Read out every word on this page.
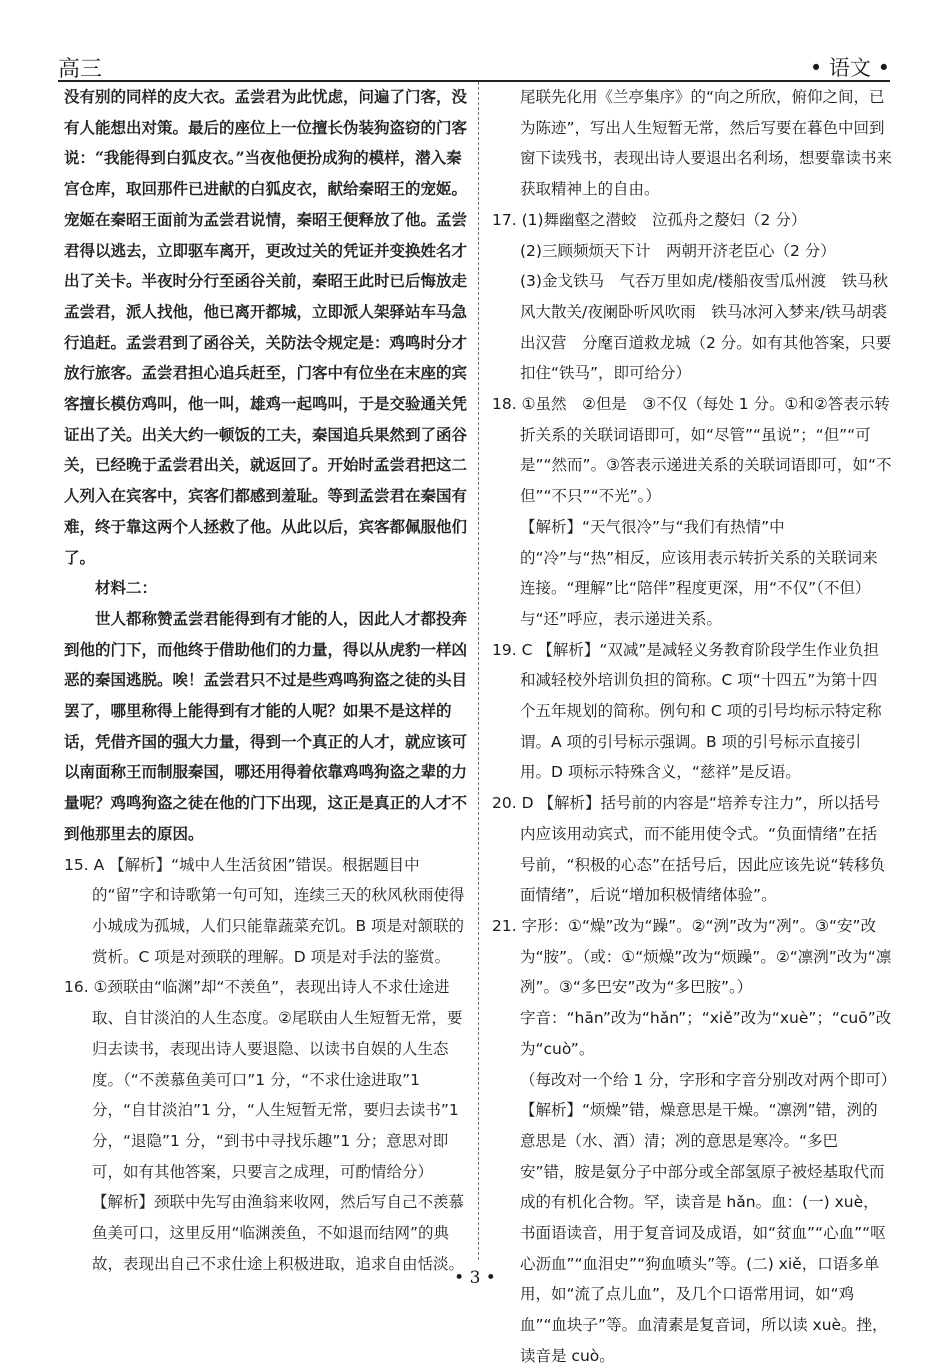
高三	• 语文 •

没有别的同样的皮大衣。孟尝君为此忧虑，问遍了门客，没有人能想出对策。最后的座位上一位擅长伪装狗盗窃的门客说：“我能得到白狐皮衣。”当夜他便扮成狗的模样，潜入秦宫仓库，取回那件已进献的白狐皮衣，献给秦昭王的宠姬。宠姬在秦昭王面前为孟尝君说情，秦昭王便释放了他。孟尝君得以逃去，立即驱车离开，更改过关的凭证并变换姓名才出了关卡。半夜时分行至函谷关前，秦昭王此时已后悔放走孟尝君，派人找他，他已离开都城，立即派人架驿站车马急行追赶。孟尝君到了函谷关，关防法令规定是：鸡鸣时分才放行旅客。孟尝君担心追兵赶至，门客中有位坐在末座的宾客擅长模仿鸡叫，他一叫，雄鸡一起鸣叫，于是交验通关凭证出了关。出关大约一顿饭的工夫，秦国追兵果然到了函谷关，已经晚于孟尝君出关，就返回了。开始时孟尝君把这二人列入在宾客中，宾客们都感到羞耻。等到孟尝君在秦国有难，终于靠这两个人拯救了他。从此以后，宾客都佩服他们了。

材料二：

世人都称赞孟尝君能得到有才能的人，因此人才都投奔到他的门下，而他终于借助他们的力量，得以从虎豹一样凶恶的秦国逃脱。唉！孟尝君只不过是些鸡鸣狗盗之徒的头目罢了，哪里称得上能得到有才能的人呢？如果不是这样的话，凭借齐国的强大力量，得到一个真正的人才，就应该可以南面称王而制服秦国，哪还用得着依靠鸡鸣狗盗之辈的力量呢？鸡鸣狗盗之徒在他的门下出现，这正是真正的人才不到他那里去的原因。

15. A 【解析】“城中人生活贫困”错误。根据题目中的“留”字和诗歌第一句可知，连续三天的秋风秋雨使得小城成为孤城，人们只能靠蔬菜充饥。B 项是对颔联的赏析。C 项是对颈联的理解。D 项是对手法的鉴赏。

16. ①颈联由“临渊”却“不羡鱼”，表现出诗人不求仕途进取、自甘淡泊的人生态度。②尾联由人生短暂无常，要归去读书，表现出诗人要退隐、以读书自娱的人生态度。（“不羡慕鱼美可口”1 分，“不求仕途进取”1 分，“自甘淡泊”1 分，“人生短暂无常，要归去读书”1 分，“退隐”1 分，“到书中寻找乐趣”1 分；意思对即可，如有其他答案，只要言之成理，可酌情给分）

【解析】颈联中先写由渔翁来收网，然后写自己不羡慕鱼美可口，这里反用“临渊羡鱼，不如退而结网”的典故，表现出自己不求仕途上积极进取，追求自由恬淡。

尾联先化用《兰亭集序》的“向之所欣，俯仰之间，已为陈迹”，写出人生短暂无常，然后写要在暮色中回到窗下读残书，表现出诗人要退出名利场，想要靠读书来获取精神上的自由。

17. (1)舞幽壑之潜蛟　泣孤舟之嫠妇（2 分）

(2)三顾频烦天下计　两朝开济老臣心（2 分）

(3)金戈铁马　气吞万里如虎/楼船夜雪瓜州渡　铁马秋风大散关/夜阑卧听风吹雨　铁马冰河入梦来/铁马胡裘出汉营　分麾百道救龙城（2 分。如有其他答案，只要扣住“铁马”，即可给分）

18. ①虽然　②但是　③不仅（每处 1 分。①和②答表示转折关系的关联词语即可，如“尽管”“虽说”；“但”“可是”“然而”。③答表示递进关系的关联词语即可，如“不但”“不只”“不光”。）

【解析】“天气很冷”与“我们有热情”中的“冷”与“热”相反，应该用表示转折关系的关联词来连接。“理解”比“陪伴”程度更深，用“不仅”（不但）与“还”呼应，表示递进关系。

19. C 【解析】“双减”是减轻义务教育阶段学生作业负担和减轻校外培训负担的简称。C 项“十四五”为第十四个五年规划的简称。例句和 C 项的引号均标示特定称谓。A 项的引号标示强调。B 项的引号标示直接引用。D 项标示特殊含义，“慈祥”是反语。

20. D 【解析】括号前的内容是“培养专注力”，所以括号内应该用动宾式，而不能用使令式。“负面情绪”在括号前，“积极的心态”在括号后，因此应该先说“转移负面情绪”，后说“增加积极情绪体验”。

21. 字形：①“燥”改为“躁”。②“洌”改为“冽”。③“安”改为“胺”。（或：①“烦燥”改为“烦躁”。②“凛洌”改为“凛冽”。③“多巴安”改为“多巴胺”。）

字音：“hān”改为“hǎn”；“xiě”改为“xuè”；“cuō”改为“cuò”。

（每改对一个给 1 分，字形和字音分别改对两个即可）

【解析】“烦燥”错，燥意思是干燥。“凛洌”错，洌的意思是（水、酒）清；冽的意思是寒冷。“多巴安”错，胺是氨分子中部分或全部氢原子被烃基取代而成的有机化合物。罕，读音是 hǎn。血：(一) xuè，书面语读音，用于复音词及成语，如“贫血”“心血”“呕心沥血”“血泪史”“狗血喷头”等。(二) xiě，口语多单用，如“流了点儿血”，及几个口语常用词，如“鸡血”“血块子”等。血清素是复音词，所以读 xuè。挫，读音是 cuò。

• 3 •
